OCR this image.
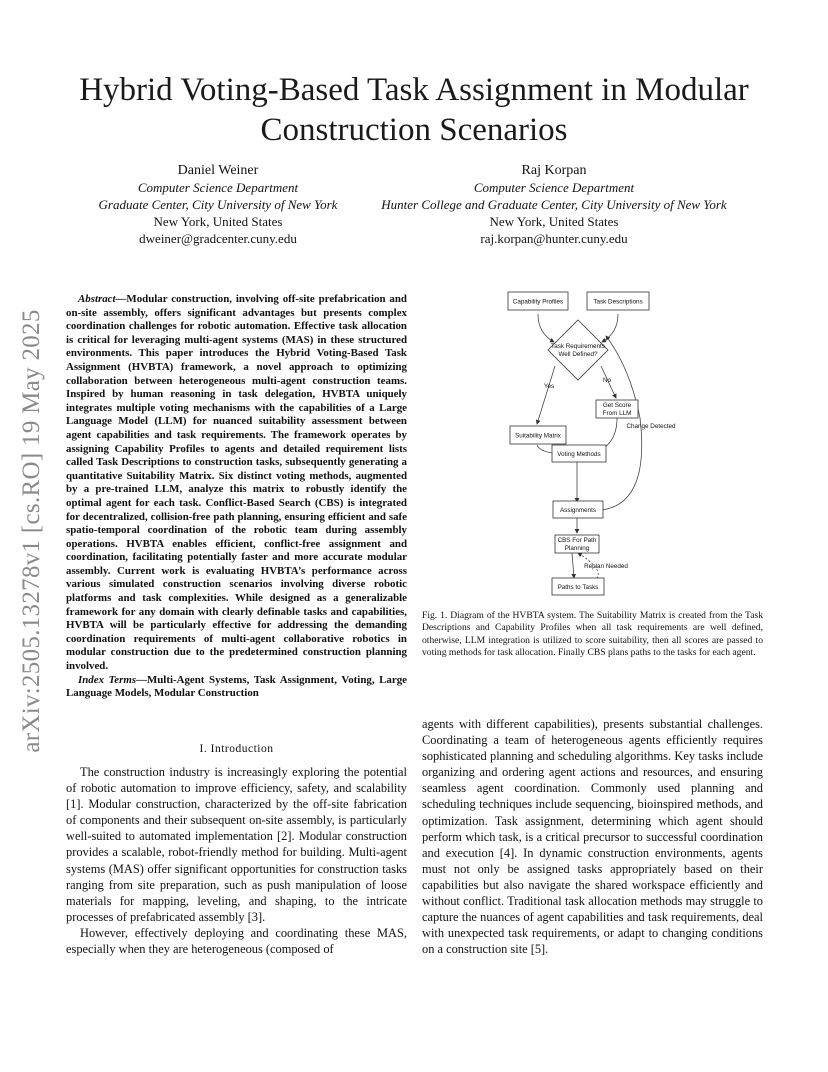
Hybrid Voting-Based Task Assignment in Modular
Construction Scenarios
Daniel Weiner
Computer Science Department
Graduate Center, City University of New York
New York, United States
dweiner@gradcenter.cuny.edu
Raj Korpan
Computer Science Department
Hunter College and Graduate Center, City University of New York
New York, United States
raj.korpan@hunter.cuny.edu
arXiv:2505.13278v1 [cs.RO] 19 May 2025
Abstract—Modular construction, involving off-site prefabrication and on-site assembly, offers significant advantages but presents complex coordination challenges for robotic automation. Effective task allocation is critical for leveraging multi-agent systems (MAS) in these structured environments. This paper introduces the Hybrid Voting-Based Task Assignment (HVBTA) framework, a novel approach to optimizing collaboration between heterogeneous multi-agent construction teams. Inspired by human reasoning in task delegation, HVBTA uniquely integrates multiple voting mechanisms with the capabilities of a Large Language Model (LLM) for nuanced suitability assessment between agent capabilities and task requirements. The framework operates by assigning Capability Profiles to agents and detailed requirement lists called Task Descriptions to construction tasks, subsequently generating a quantitative Suitability Matrix. Six distinct voting methods, augmented by a pre-trained LLM, analyze this matrix to robustly identify the optimal agent for each task. Conflict-Based Search (CBS) is integrated for decentralized, collision-free path planning, ensuring efficient and safe spatio-temporal coordination of the robotic team during assembly operations. HVBTA enables efficient, conflict-free assignment and coordination, facilitating potentially faster and more accurate modular assembly. Current work is evaluating HVBTA’s performance across various simulated construction scenarios involving diverse robotic platforms and task complexities. While designed as a generalizable framework for any domain with clearly definable tasks and capabilities, HVBTA will be particularly effective for addressing the demanding coordination requirements of multi-agent collaborative robotics in modular construction due to the predetermined construction planning involved.
Index Terms—Multi-Agent Systems, Task Assignment, Voting, Large Language Models, Modular Construction
I. Introduction

The construction industry is increasingly exploring the potential of robotic automation to improve efficiency, safety, and scalability [1]. Modular construction, characterized by the off-site fabrication of components and their subsequent on-site assembly, is particularly well-suited to automated implementation [2]. Modular construction provides a scalable, robot-friendly method for building. Multi-agent systems (MAS) offer significant opportunities for construction tasks ranging from site preparation, such as push manipulation of loose materials for mapping, leveling, and shaping, to the intricate processes of prefabricated assembly [3].

However, effectively deploying and coordinating these MAS, especially when they are heterogeneous (composed of

agents with different capabilities), presents substantial challenges. Coordinating a team of heterogeneous agents efficiently requires sophisticated planning and scheduling algorithms. Key tasks include organizing and ordering agent actions and resources, and ensuring seamless agent coordination. Commonly used planning and scheduling techniques include sequencing, bioinspired methods, and optimization. Task assignment, determining which agent should perform which task, is a critical precursor to successful coordination and execution [4]. In dynamic construction environments, agents must not only be assigned tasks appropriately based on their capabilities but also navigate the shared workspace efficiently and without conflict. Traditional task allocation methods may struggle to capture the nuances of agent capabilities and task requirements, deal with unexpected task requirements, or adapt to changing conditions on a construction site [5].

Capability Profiles	Task Descriptions
Task Requirements
Well Defined?
Yes
No
Suitability Matrix
Get Score
From LLM
Change Detected
Voting Methods
Assignments
CBS For Path
Planning
Replan Needed
Paths to Tasks
Fig. 1. Diagram of the HVBTA system. The Suitability Matrix is created from the Task Descriptions and Capability Profiles when all task requirements are well defined, otherwise, LLM integration is utilized to score suitability, then all scores are passed to voting methods for task allocation. Finally CBS plans paths to the tasks for each agent.
